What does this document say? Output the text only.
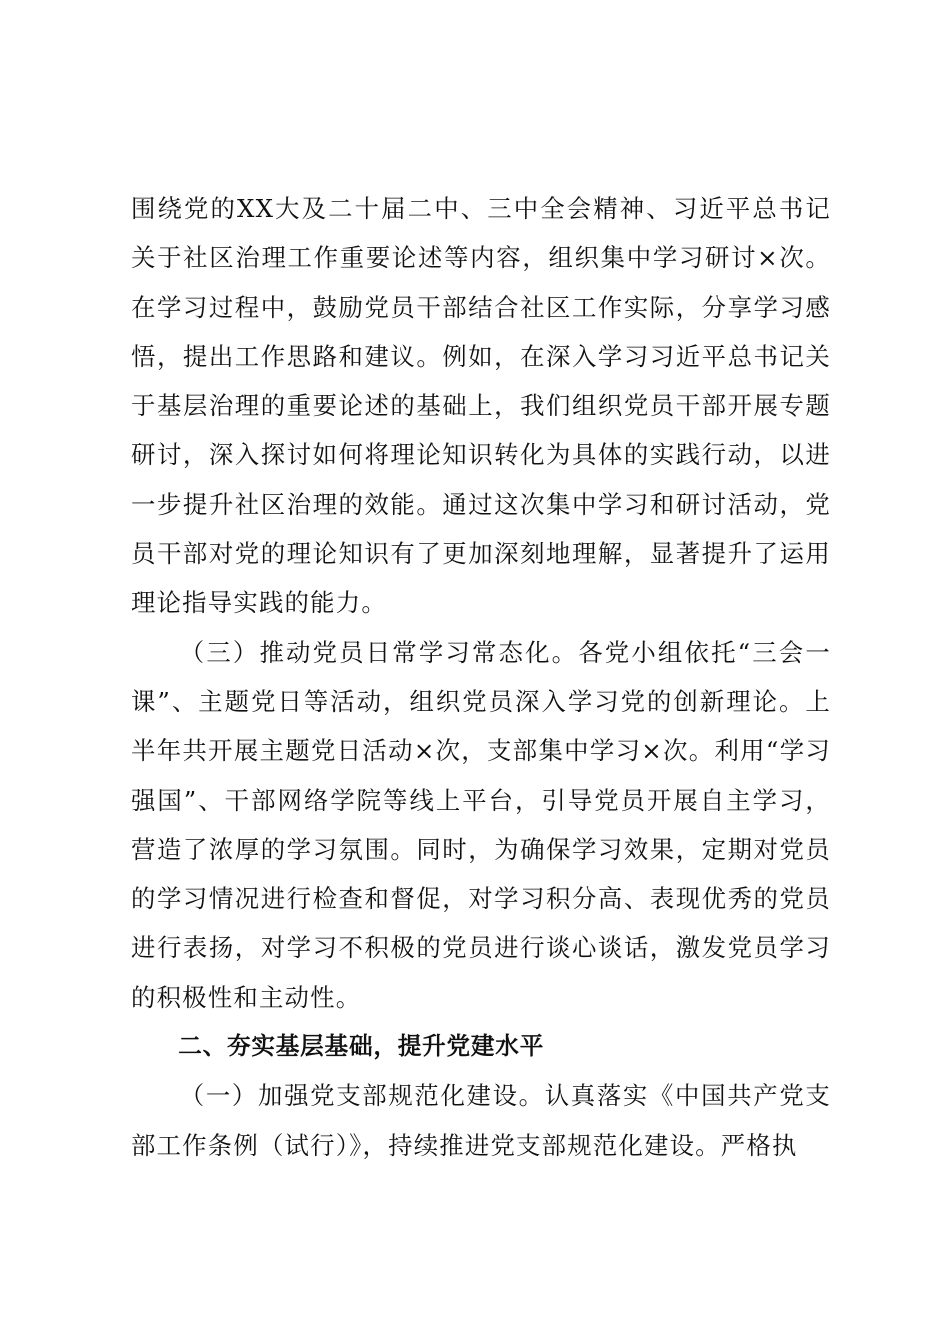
围绕党的XX大及二十届二中、三中全会精神、习近平总书记关于社区治理工作重要论述等内容，组织集中学习研讨×次。在学习过程中，鼓励党员干部结合社区工作实际，分享学习感悟，提出工作思路和建议。例如，在深入学习习近平总书记关于基层治理的重要论述的基础上，我们组织党员干部开展专题研讨，深入探讨如何将理论知识转化为具体的实践行动，以进一步提升社区治理的效能。通过这次集中学习和研讨活动，党员干部对党的理论知识有了更加深刻地理解，显著提升了运用理论指导实践的能力。

（三）推动党员日常学习常态化。各党小组依托“三会一课”、主题党日等活动，组织党员深入学习党的创新理论。上半年共开展主题党日活动×次，支部集中学习×次。利用“学习强国”、干部网络学院等线上平台，引导党员开展自主学习，营造了浓厚的学习氛围。同时，为确保学习效果，定期对党员的学习情况进行检查和督促，对学习积分高、表现优秀的党员进行表扬，对学习不积极的党员进行谈心谈话，激发党员学习的积极性和主动性。

二、夯实基层基础，提升党建水平

（一）加强党支部规范化建设。认真落实《中国共产党支部工作条例（试行）》，持续推进党支部规范化建设。严格执
